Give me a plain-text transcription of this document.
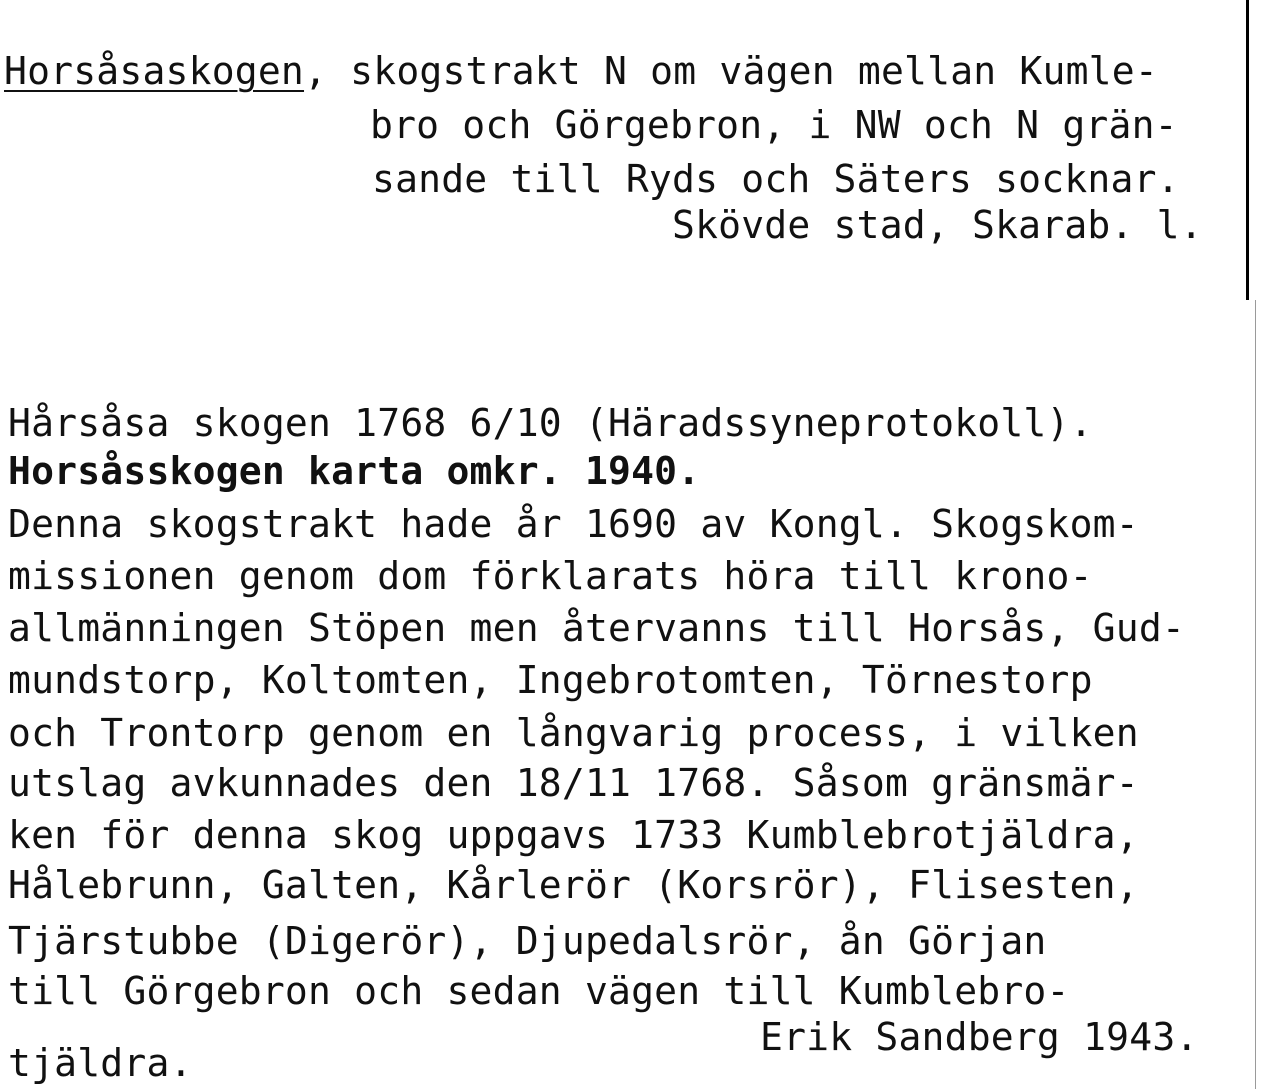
Horsåsaskogen, skogstrakt N om vägen mellan Kumle-
bro och Görgebron, i NW och N grän-
sande till Ryds och Säters socknar.
Skövde stad, Skarab. l.
Hårsåsa skogen 1768 6/10 (Häradssyneprotokoll).
Horsåsskogen karta omkr. 1940.
Denna skogstrakt hade år 1690 av Kongl. Skogskom-
missionen genom dom förklarats höra till krono-
allmänningen Stöpen men återvanns till Horsås, Gud-
mundstorp, Koltomten, Ingebrotomten, Törnestorp
och Trontorp genom en långvarig process, i vilken
utslag avkunnades den 18/11 1768. Såsom gränsmär-
ken för denna skog uppgavs 1733 Kumblebrotjäldra,
Hålebrunn, Galten, Kårlerör (Korsrör), Flisesten,
Tjärstubbe (Digerör), Djupedalsrör, ån Görjan
till Görgebron och sedan vägen till Kumblebro-
Erik Sandberg 1943.
tjäldra.
